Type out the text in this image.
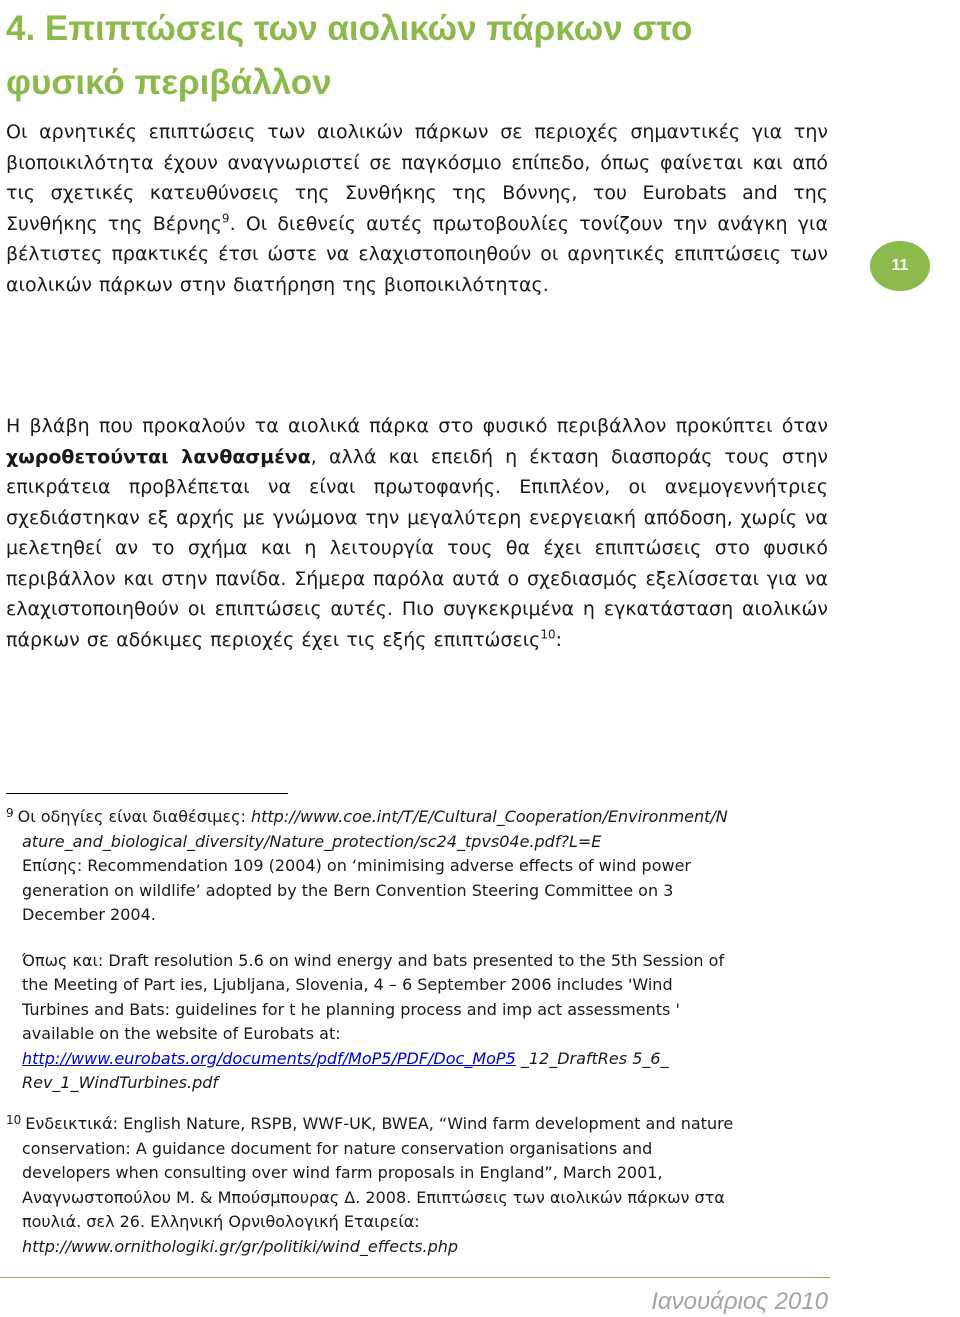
4. Επιπτώσεις των αιολικών πάρκων στο
φυσικό περιβάλλον
11

Οι αρνητικές επιπτώσεις των αιολικών πάρκων σε περιοχές σημαντικές για την βιοποικιλότητα έχουν αναγνωριστεί σε παγκόσμιο επίπεδο, όπως φαίνεται και από τις σχετικές κατευθύνσεις της Συνθήκης της Βόννης, του Eurobats and της Συνθήκης της Βέρνης$^9$. Οι διεθνείς αυτές πρωτοβουλίες τονίζουν την ανάγκη για βέλτιστες πρακτικές έτσι ώστε να ελαχιστοποιηθούν οι αρνητικές επιπτώσεις των αιολικών πάρκων στην διατήρηση της βιοποικιλότητας.

Η βλάβη που προκαλούν τα αιολικά πάρκα στο φυσικό περιβάλλον προκύπτει όταν χωροθετούνται λανθασμένα, αλλά και επειδή η έκταση διασποράς τους στην επικράτεια προβλέπεται να είναι πρωτοφανής. Επιπλέον, οι ανεμογεννήτριες σχεδιάστηκαν εξ αρχής με γνώμονα την μεγαλύτερη ενεργειακή απόδοση, χωρίς να μελετηθεί αν το σχήμα και η λειτουργία τους θα έχει επιπτώσεις στο φυσικό περιβάλλον και στην πανίδα. Σήμερα παρόλα αυτά ο σχεδιασμός εξελίσσεται για να ελαχιστοποιηθούν οι επιπτώσεις αυτές. Πιο συγκεκριμένα η εγκατάσταση αιολικών πάρκων σε αδόκιμες περιοχές έχει τις εξής επιπτώσεις$^{10}$:

$^9$ Οι οδηγίες είναι διαθέσιμες: http://www.coe.int/T/E/Cultural_Cooperation/Environment/N
ature_and_biological_diversity/Nature_protection/sc24_tpvs04e.pdf?L=E
Επίσης: Recommendation 109 (2004) on ‘minimising adverse effects of wind power
generation on wildlife’ adopted by the Bern Convention Steering Committee on 3
December 2004.
Όπως και: Draft resolution 5.6 on wind energy and bats presented to the 5th Session of
the Meeting of Part ies, Ljubljana, Slovenia, 4 – 6 September 2006 includes 'Wind
Turbines and Bats: guidelines for t he planning process and imp act assessments '
available on the website of Eurobats at:
http://www.eurobats.org/documents/pdf/MoP5/PDF/Doc_MoP5 _12_DraftRes 5_6_
Rev_1_WindTurbines.pdf
$^{10}$ Ενδεικτικά: English Nature, RSPB, WWF-UK, BWEA, “Wind farm development and nature
conservation: A guidance document for nature conservation organisations and
developers when consulting over wind farm proposals in England”, March 2001,
Αναγνωστοπούλου Μ. & Μπούσμπουρας Δ. 2008. Επιπτώσεις των αιολικών πάρκων στα
πουλιά. σελ 26. Ελληνική Ορνιθολογική Εταιρεία:
http://www.ornithologiki.gr/gr/politiki/wind_effects.php
Ιανουάριος 2010
